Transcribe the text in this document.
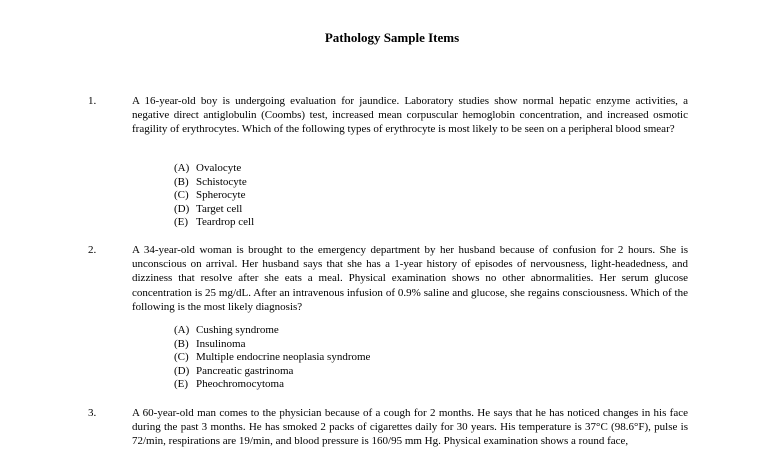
Pathology Sample Items
1.	A 16-year-old boy is undergoing evaluation for jaundice. Laboratory studies show normal hepatic enzyme activities, a negative direct antiglobulin (Coombs) test, increased mean corpuscular hemoglobin concentration, and increased osmotic fragility of erythrocytes. Which of the following types of erythrocyte is most likely to be seen on a peripheral blood smear?

(A) Ovalocyte
(B) Schistocyte
(C) Spherocyte
(D) Target cell
(E) Teardrop cell
2.	A 34-year-old woman is brought to the emergency department by her husband because of confusion for 2 hours. She is unconscious on arrival. Her husband says that she has a 1-year history of episodes of nervousness, light-headedness, and dizziness that resolve after she eats a meal. Physical examination shows no other abnormalities. Her serum glucose concentration is 25 mg/dL. After an intravenous infusion of 0.9% saline and glucose, she regains consciousness. Which of the following is the most likely diagnosis?

(A) Cushing syndrome
(B) Insulinoma
(C) Multiple endocrine neoplasia syndrome
(D) Pancreatic gastrinoma
(E) Pheochromocytoma
3.	A 60-year-old man comes to the physician because of a cough for 2 months. He says that he has noticed changes in his face during the past 3 months. He has smoked 2 packs of cigarettes daily for 30 years. His temperature is 37°C (98.6°F), pulse is 72/min, respirations are 19/min, and blood pressure is 160/95 mm Hg. Physical examination shows a round face,
